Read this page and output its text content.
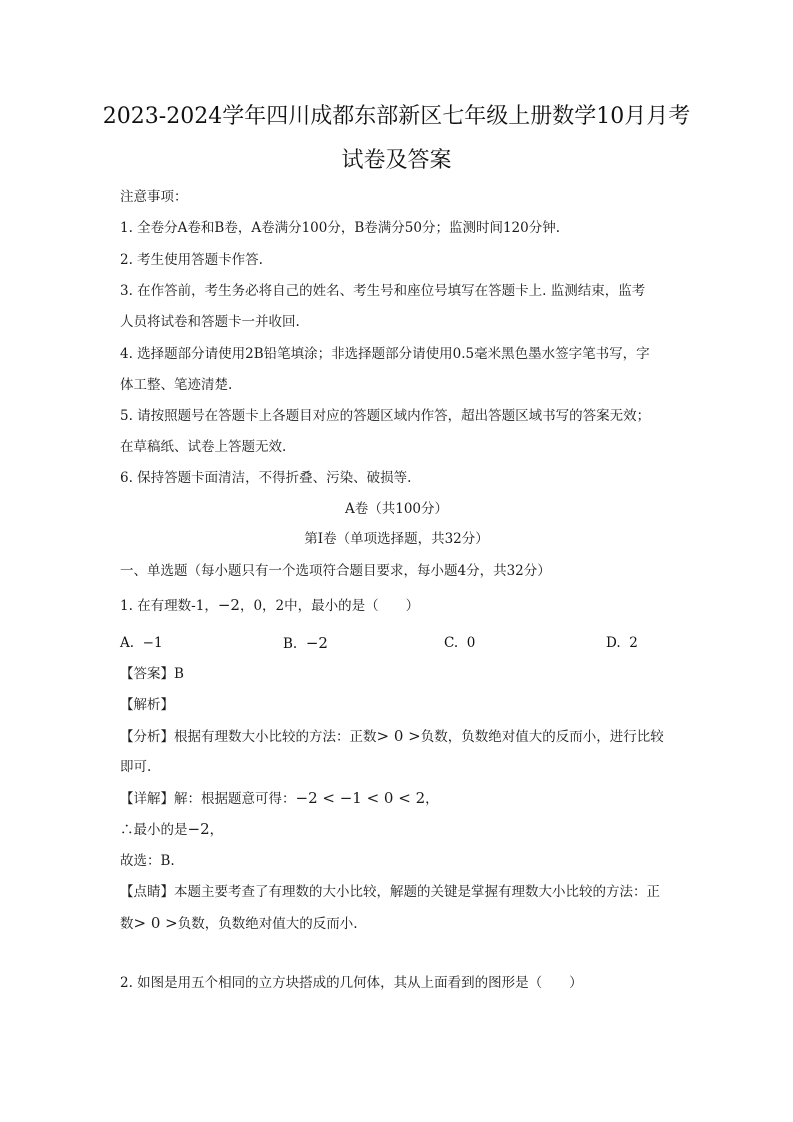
2023-2024学年四川成都东部新区七年级上册数学10月月考
试卷及答案
注意事项：
1. 全卷分A卷和B卷，A卷满分100分，B卷满分50分；监测时间120分钟.
2. 考生使用答题卡作答.
3. 在作答前，考生务必将自己的姓名、考生号和座位号填写在答题卡上. 监测结束，监考
人员将试卷和答题卡一并收回.
4. 选择题部分请使用2B铅笔填涂；非选择题部分请使用0.5毫米黑色墨水签字笔书写，字
体工整、笔迹清楚.
5. 请按照题号在答题卡上各题目对应的答题区域内作答，超出答题区域书写的答案无效；
在草稿纸、试卷上答题无效.
6. 保持答题卡面清洁，不得折叠、污染、破损等.
A卷（共100分）
第Ⅰ卷（单项选择题，共32分）
一、单选题（每小题只有一个选项符合题目要求，每小题4分，共32分）
1. 在有理数-1，−2，0，2中，最小的是（　　）
A. −1	B. −2	C. 0	D. 2
【答案】B
【解析】
【分析】根据有理数大小比较的方法：正数> 0 >负数，负数绝对值大的反而小，进行比较
即可.
【详解】解：根据题意可得：−2 < −1 < 0 < 2，
∴最小的是−2，
故选：B.
【点睛】本题主要考查了有理数的大小比较，解题的关键是掌握有理数大小比较的方法：正
数> 0 >负数，负数绝对值大的反而小.
2. 如图是用五个相同的立方块搭成的几何体，其从上面看到的图形是（　　）
